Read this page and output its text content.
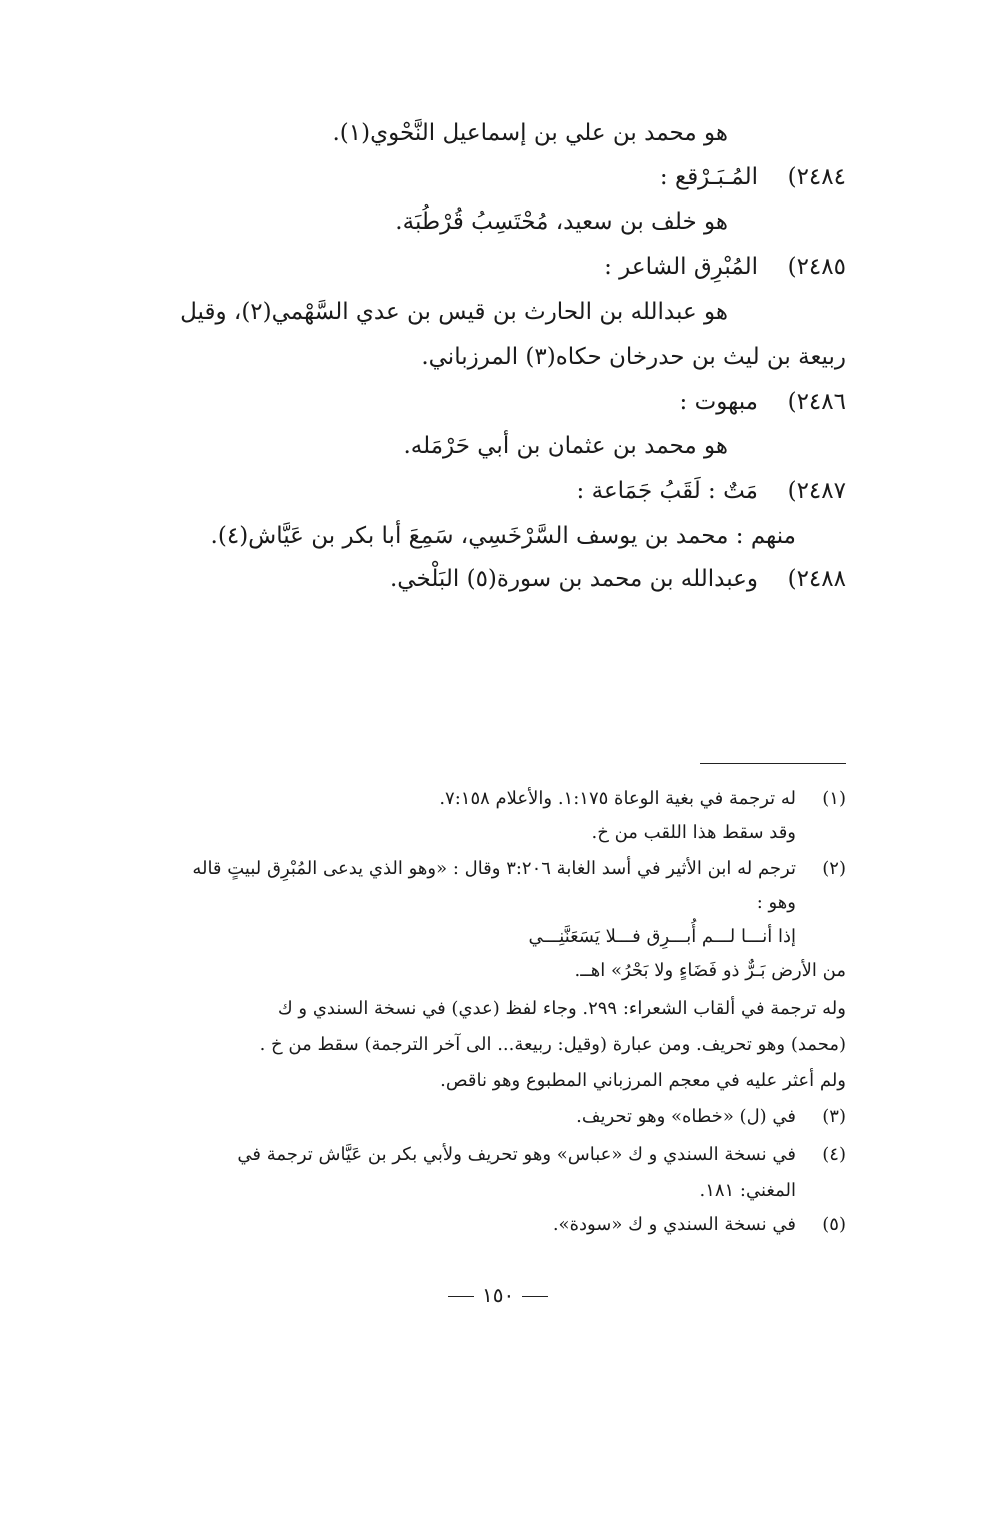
هو محمد بن علي بن إسماعيل النَّحْوي(١).
٢٤٨٤)
المُـبَـرْقع :
هو خلف بن سعيد، مُحْتَسِبُ قُرْطُبَة.
٢٤٨٥)
المُبْرِق الشاعر :
هو عبدالله بن الحارث بن قيس بن عدي السَّهْمي(٢)، وقيل
ربيعة بن ليث بن حدرخان حكاه(٣) المرزباني.
٢٤٨٦)
مبهوت :
هو محمد بن عثمان بن أبي حَرْمَله.
٢٤٨٧)
مَتٌ : لَقَبُ جَمَاعة :
منهم : محمد بن يوسف السَّرْخَسِي، سَمِعَ أبا بكر بن عَيَّاش(٤).
٢٤٨٨)
وعبدالله بن محمد بن سورة(٥) البَلْخي.
(١)
له ترجمة في بغية الوعاة ١:١٧٥. والأعلام ٧:١٥٨.
وقد سقط هذا اللقب من خ.
(٢)
ترجم له ابن الأثير في أسد الغابة ٣:٢٠٦ وقال : «وهو الذي يدعى المُبْرِق لبيتٍ قاله
وهو :
إذا أنـــا لـــم أُبـــرِق فـــلا يَسَعَنَّنِـــي
من الأرض بَـرٌّ ذو فَضَاءٍ ولا بَحْرُ» اهــ.
وله ترجمة في ألقاب الشعراء: ٢٩٩. وجاء لفظ (عدي) في نسخة السندي و ك
(محمد) وهو تحريف. ومن عبارة (وقيل: ربيعة... الى آخر الترجمة) سقط من خ .
ولم أعثر عليه في معجم المرزباني المطبوع وهو ناقص.
(٣)
في (ل) «خطاه» وهو تحريف.
(٤)
في نسخة السندي و ك «عباس» وهو تحريف ولأبي بكر بن عَيَّاش ترجمة في
المغني: ١٨١.
(٥)
في نسخة السندي و ك «سودة».
١٥٠
